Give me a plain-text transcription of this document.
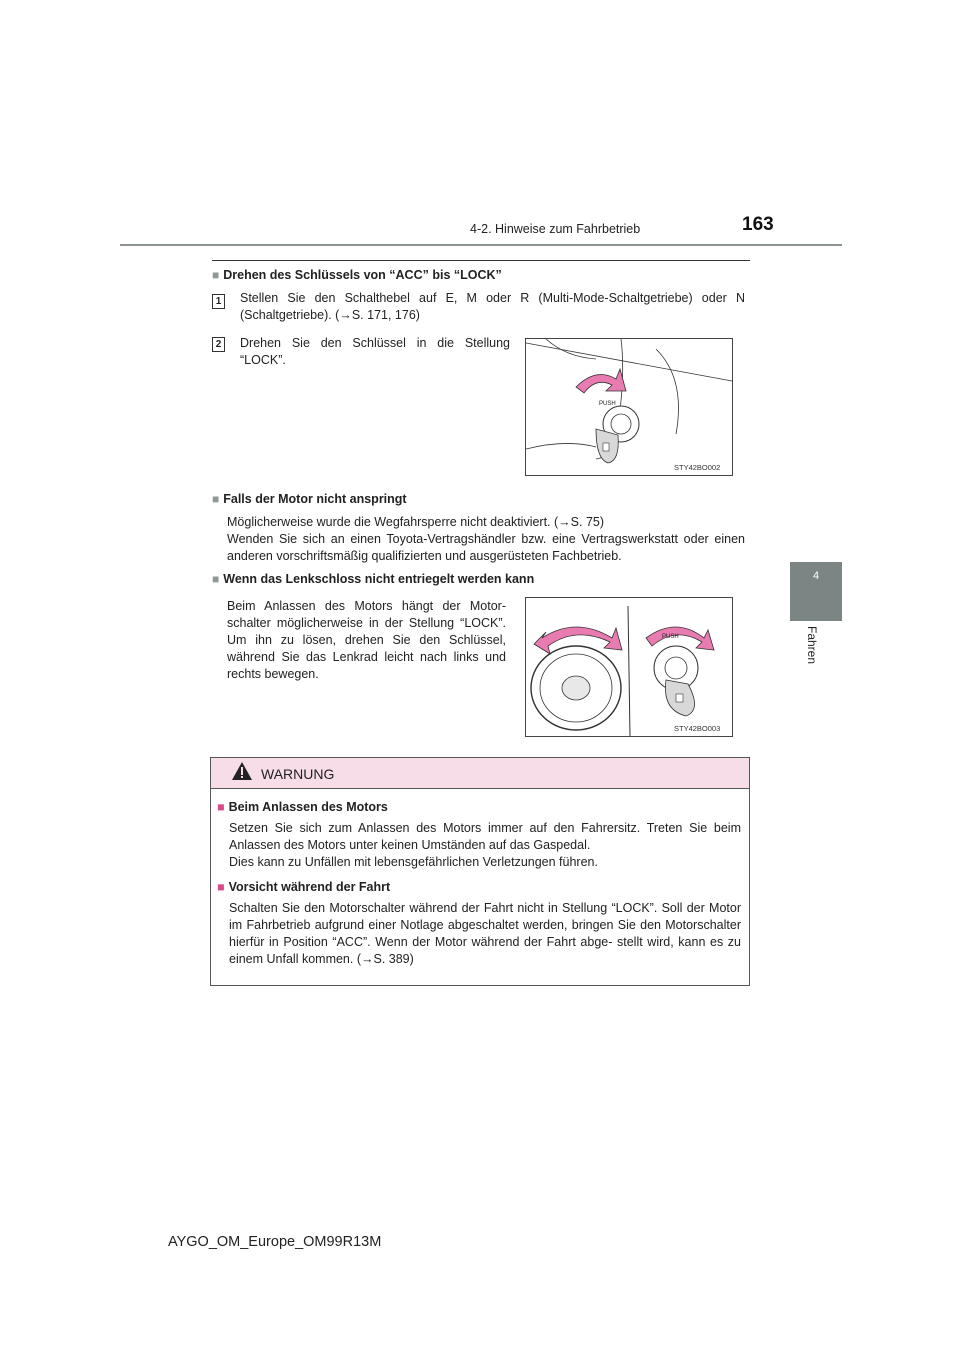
4-2. Hinweise zum Fahrbetrieb	163
4
Fahren
■ Drehen des Schlüssels von “ACC” bis “LOCK”
1 Stellen Sie den Schalthebel auf E, M oder R (Multi-Mode-Schaltgetriebe) oder N (Schaltgetriebe). (→S. 171, 176)
2 Drehen Sie den Schlüssel in die Stellung “LOCK”.
PUSH
STY42BO002
■ Falls der Motor nicht anspringt
Möglicherweise wurde die Wegfahrsperre nicht deaktiviert. (→S. 75)
Wenden Sie sich an einen Toyota-Vertragshändler bzw. eine Vertragswerkstatt oder einen anderen vorschriftsmäßig qualifizierten und ausgerüsteten Fachbetrieb.
■ Wenn das Lenkschloss nicht entriegelt werden kann
Beim Anlassen des Motors hängt der Motor- schalter möglicherweise in der Stellung “LOCK”. Um ihn zu lösen, drehen Sie den Schlüssel, während Sie das Lenkrad leicht nach links und rechts bewegen.
PUSH
STY42BO003
WARNUNG
■ Beim Anlassen des Motors
Setzen Sie sich zum Anlassen des Motors immer auf den Fahrersitz. Treten Sie beim Anlassen des Motors unter keinen Umständen auf das Gaspedal.
Dies kann zu Unfällen mit lebensgefährlichen Verletzungen führen.
■ Vorsicht während der Fahrt
Schalten Sie den Motorschalter während der Fahrt nicht in Stellung “LOCK”. Soll der Motor im Fahrbetrieb aufgrund einer Notlage abgeschaltet werden, bringen Sie den Motorschalter hierfür in Position “ACC”. Wenn der Motor während der Fahrt abge- stellt wird, kann es zu einem Unfall kommen. (→S. 389)
AYGO_OM_Europe_OM99R13M
